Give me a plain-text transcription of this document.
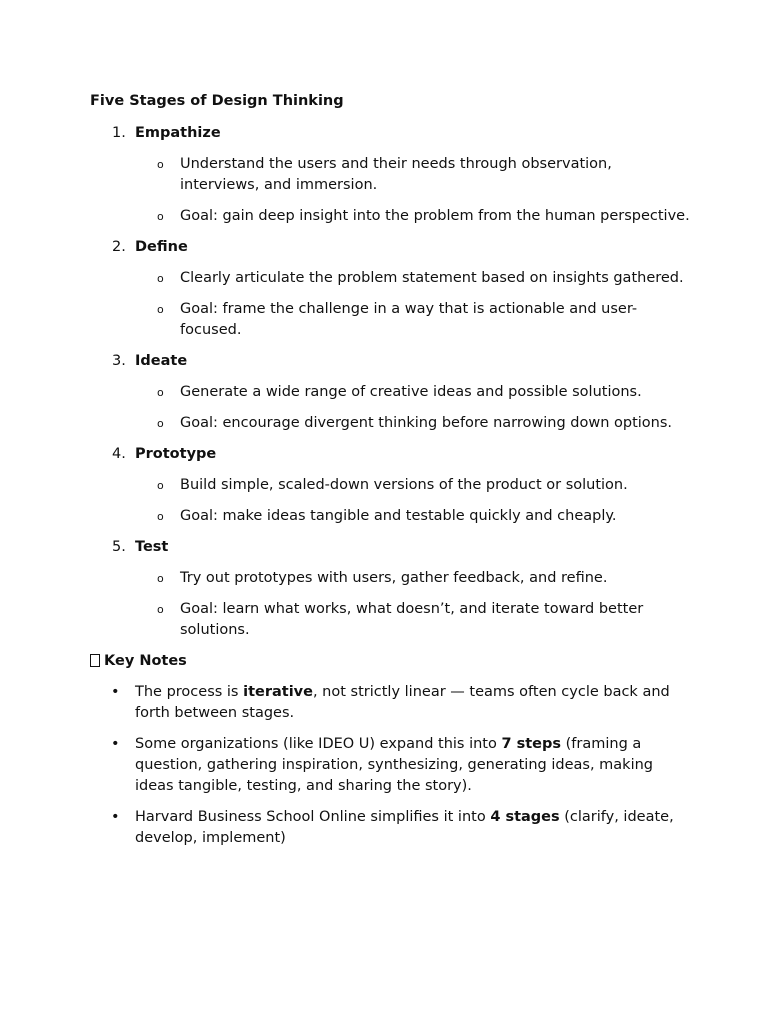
Five Stages of Design Thinking
1. Empathize
o Understand the users and their needs through observation, interviews, and immersion.
o Goal: gain deep insight into the problem from the human perspective.
2. Define
o Clearly articulate the problem statement based on insights gathered.
o Goal: frame the challenge in a way that is actionable and user-focused.
3. Ideate
o Generate a wide range of creative ideas and possible solutions.
o Goal: encourage divergent thinking before narrowing down options.
4. Prototype
o Build simple, scaled-down versions of the product or solution.
o Goal: make ideas tangible and testable quickly and cheaply.
5. Test
o Try out prototypes with users, gather feedback, and refine.
o Goal: learn what works, what doesn’t, and iterate toward better solutions.
Key Notes
• The process is iterative, not strictly linear — teams often cycle back and forth between stages.
• Some organizations (like IDEO U) expand this into 7 steps (framing a question, gathering inspiration, synthesizing, generating ideas, making ideas tangible, testing, and sharing the story).
• Harvard Business School Online simplifies it into 4 stages (clarify, ideate, develop, implement)
